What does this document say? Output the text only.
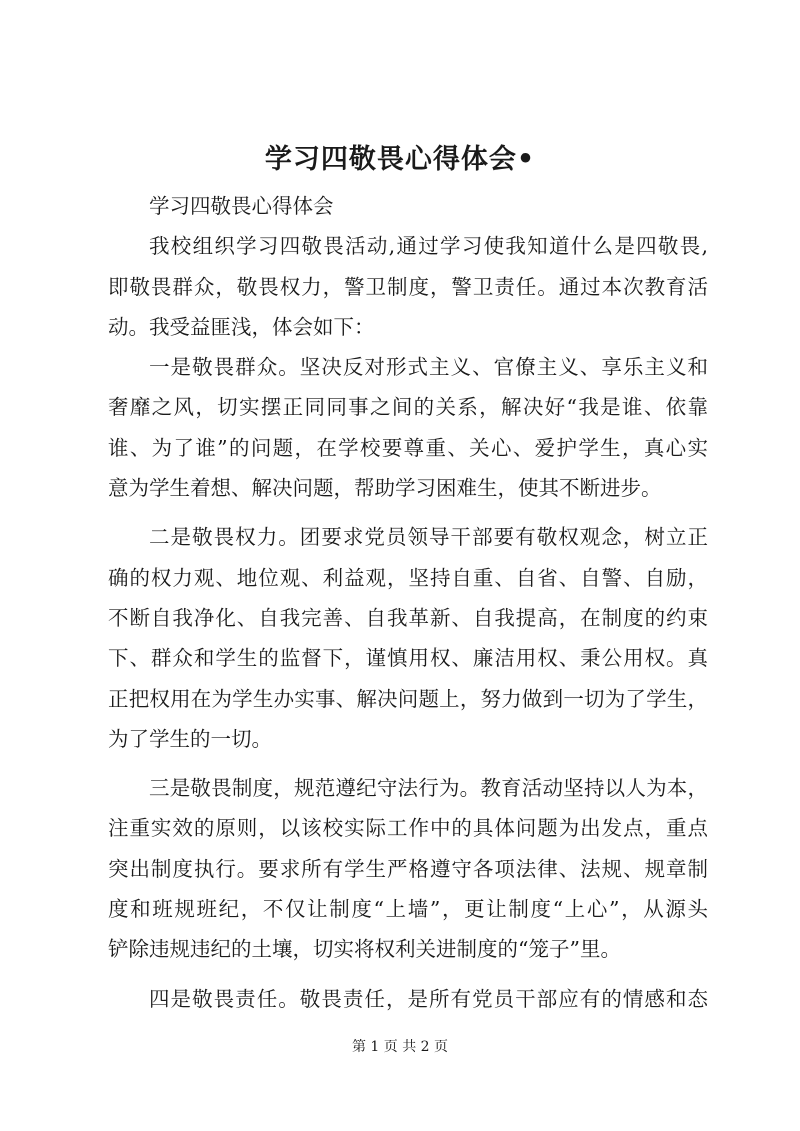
学习四敬畏心得体会•
学习四敬畏心得体会
我校组织学习四敬畏活动,通过学习使我知道什么是四敬畏,
即敬畏群众，敬畏权力，警卫制度，警卫责任。通过本次教育活
动。我受益匪浅，体会如下：
一是敬畏群众。坚决反对形式主义、官僚主义、享乐主义和
奢靡之风，切实摆正同同事之间的关系，解决好“我是谁、依靠
谁、为了谁”的问题，在学校要尊重、关心、爱护学生，真心实
意为学生着想、解决问题，帮助学习困难生，使其不断进步。
二是敬畏权力。团要求党员领导干部要有敬权观念，树立正
确的权力观、地位观、利益观，坚持自重、自省、自警、自励，
不断自我净化、自我完善、自我革新、自我提高，在制度的约束
下、群众和学生的监督下，谨慎用权、廉洁用权、秉公用权。真
正把权用在为学生办实事、解决问题上，努力做到一切为了学生，
为了学生的一切。
三是敬畏制度，规范遵纪守法行为。教育活动坚持以人为本，
注重实效的原则，以该校实际工作中的具体问题为出发点，重点
突出制度执行。要求所有学生严格遵守各项法律、法规、规章制
度和班规班纪，不仅让制度“上墙”，更让制度“上心”，从源头
铲除违规违纪的土壤，切实将权利关进制度的“笼子”里。
四是敬畏责任。敬畏责任，是所有党员干部应有的情感和态
第 1 页 共 2 页
